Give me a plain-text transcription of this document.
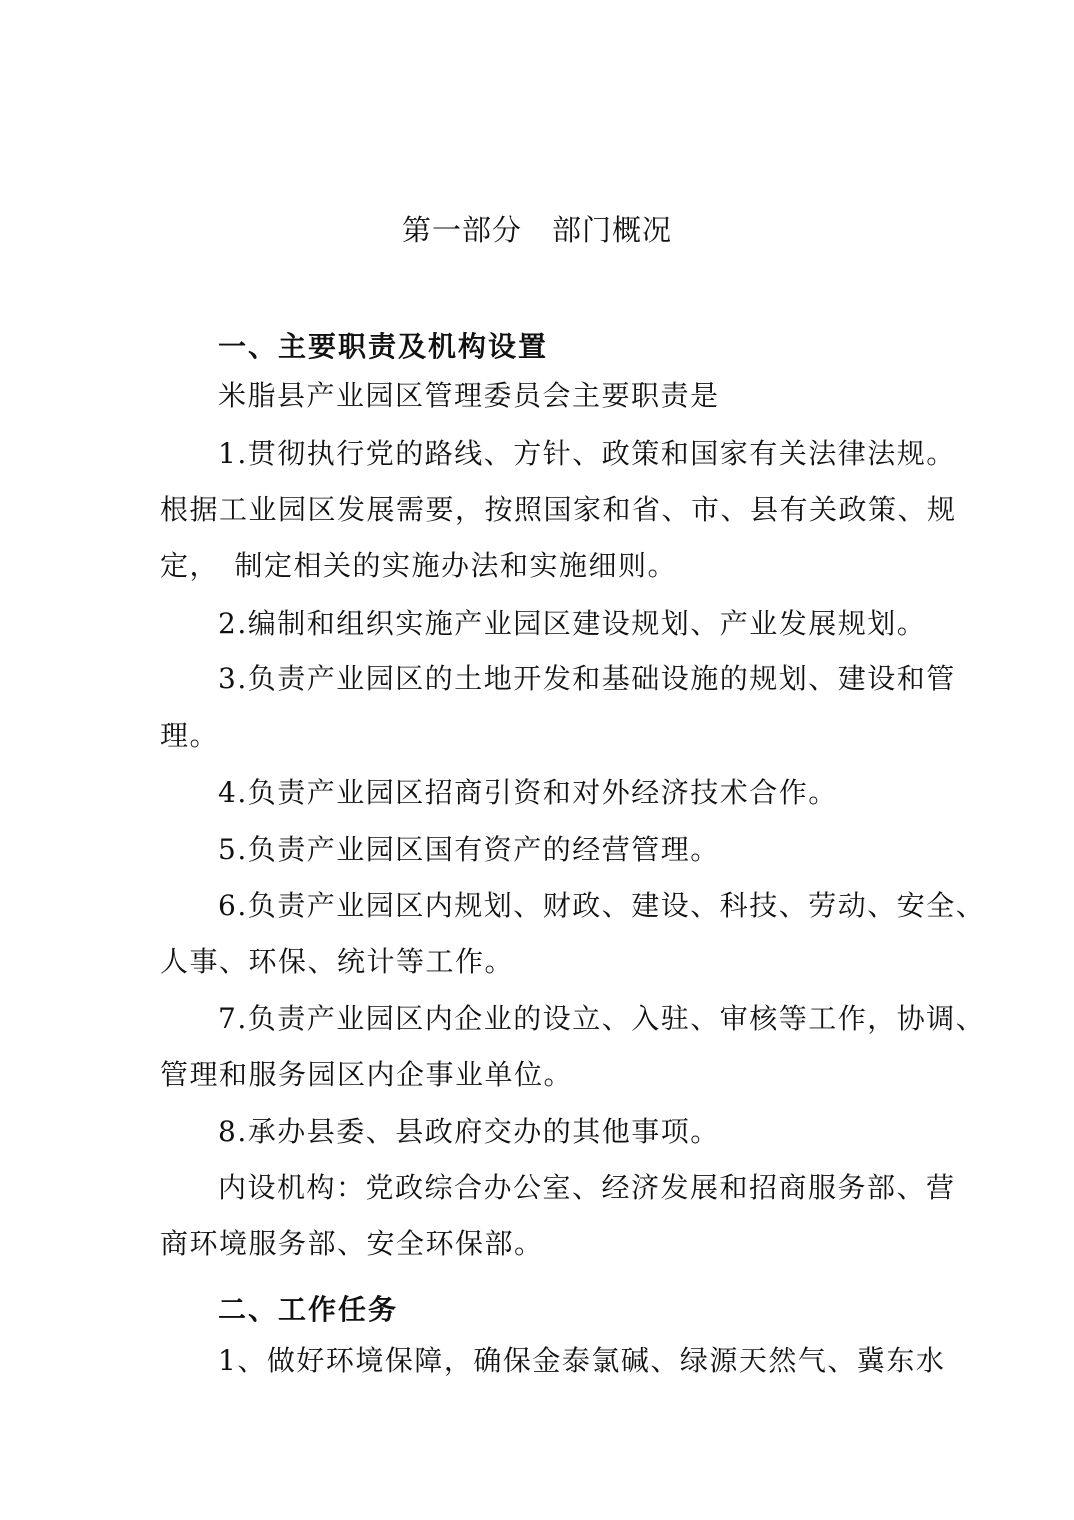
第一部分　部门概况
一、主要职责及机构设置
米脂县产业园区管理委员会主要职责是
1.贯彻执行党的路线、方针、政策和国家有关法律法规。
根据工业园区发展需要，按照国家和省、市、县有关政策、规
定，　制定相关的实施办法和实施细则。
2.编制和组织实施产业园区建设规划、产业发展规划。
3.负责产业园区的土地开发和基础设施的规划、建设和管
理。
4.负责产业园区招商引资和对外经济技术合作。
5.负责产业园区国有资产的经营管理。
6.负责产业园区内规划、财政、建设、科技、劳动、安全、
人事、环保、统计等工作。
7.负责产业园区内企业的设立、入驻、审核等工作，协调、
管理和服务园区内企事业单位。
8.承办县委、县政府交办的其他事项。
内设机构：党政综合办公室、经济发展和招商服务部、营
商环境服务部、安全环保部。
二、工作任务
1、做好环境保障，确保金泰氯碱、绿源天然气、冀东水
